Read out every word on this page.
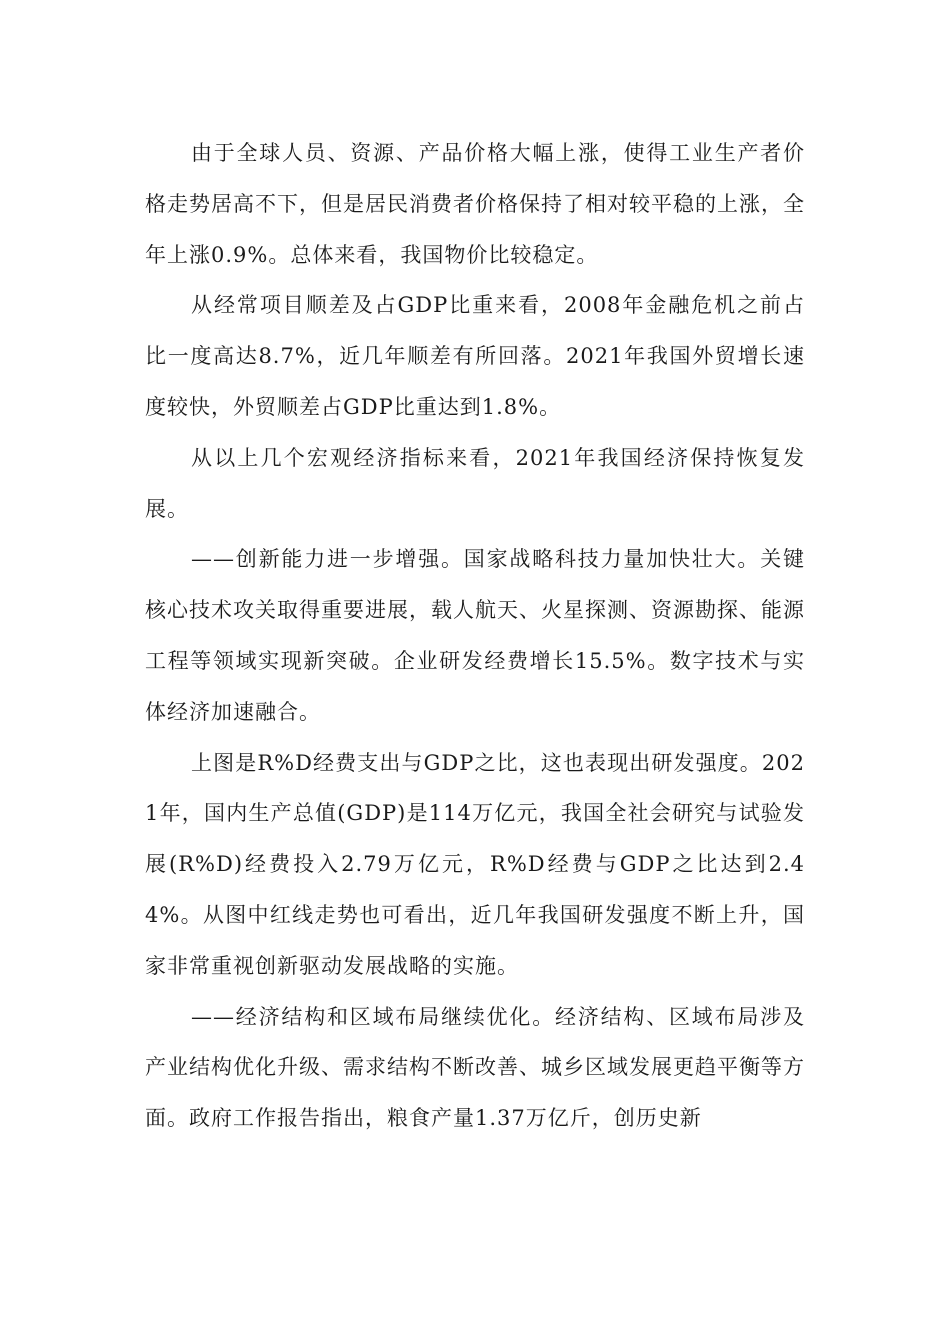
由于全球人员、资源、产品价格大幅上涨，使得工业生产者价格走势居高不下，但是居民消费者价格保持了相对较平稳的上涨，全年上涨0.9%。总体来看，我国物价比较稳定。

从经常项目顺差及占GDP比重来看，2008年金融危机之前占比一度高达8.7%，近几年顺差有所回落。2021年我国外贸增长速度较快，外贸顺差占GDP比重达到1.8%。

从以上几个宏观经济指标来看，2021年我国经济保持恢复发展。

——创新能力进一步增强。国家战略科技力量加快壮大。关键核心技术攻关取得重要进展，载人航天、火星探测、资源勘探、能源工程等领域实现新突破。企业研发经费增长15.5%。数字技术与实体经济加速融合。

上图是R%D经费支出与GDP之比，这也表现出研发强度。2021年，国内生产总值(GDP)是114万亿元，我国全社会研究与试验发展(R%D)经费投入2.79万亿元，R%D经费与GDP之比达到2.44%。从图中红线走势也可看出，近几年我国研发强度不断上升，国家非常重视创新驱动发展战略的实施。

——经济结构和区域布局继续优化。经济结构、区域布局涉及产业结构优化升级、需求结构不断改善、城乡区域发展更趋平衡等方面。政府工作报告指出，粮食产量1.37万亿斤，创历史新
